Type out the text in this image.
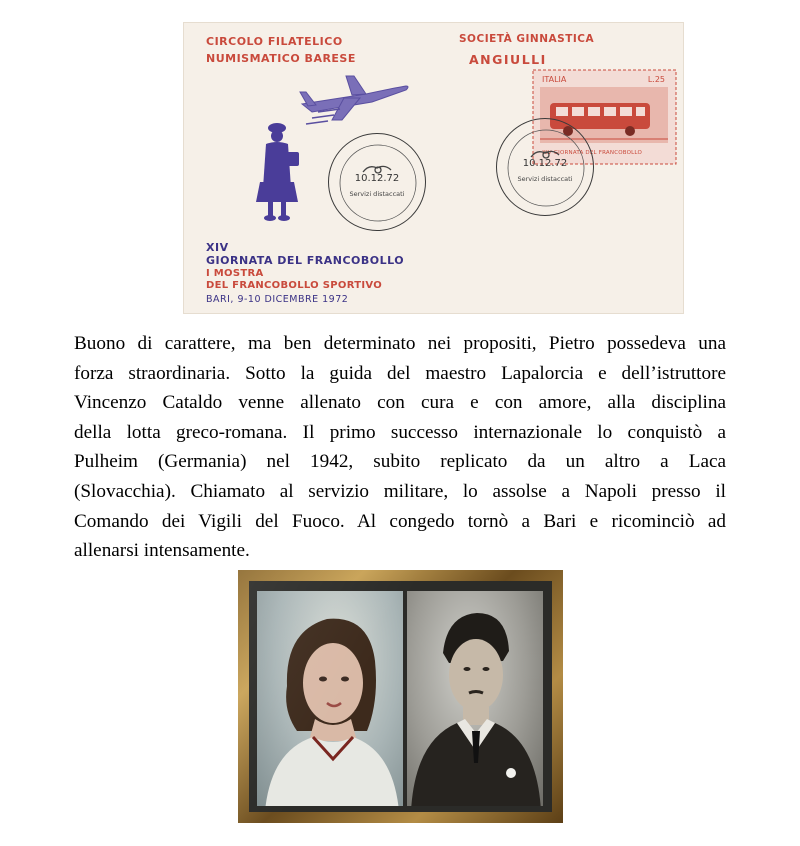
CIRCOLO FILATELICO
NUMISMATICO BARESE
SOCIETÀ GINNASTICA
ANGIULLI
ITALIA	L.25
XIV GIORNATA DEL FRANCOBOLLO
10.12.72
Servizi distaccati
10.12.72
Servizi distaccati
XIV
GIORNATA DEL FRANCOBOLLO
I MOSTRA
DEL FRANCOBOLLO SPORTIVO
BARI, 9-10 DICEMBRE 1972

Buono di carattere, ma ben determinato nei propositi, Pietro possedeva una
forza straordinaria. Sotto la guida del maestro Lapalorcia e dell’istruttore
Vincenzo Cataldo venne allenato con cura e con amore, alla disciplina
della lotta greco-romana. Il primo successo internazionale lo conquistò a
Pulheim (Germania) nel 1942, subito replicato da un altro a Laca
(Slovacchia). Chiamato al servizio militare, lo assolse a Napoli presso il
Comando dei Vigili del Fuoco. Al congedo tornò a Bari e ricominciò ad
allenarsi intensamente.
